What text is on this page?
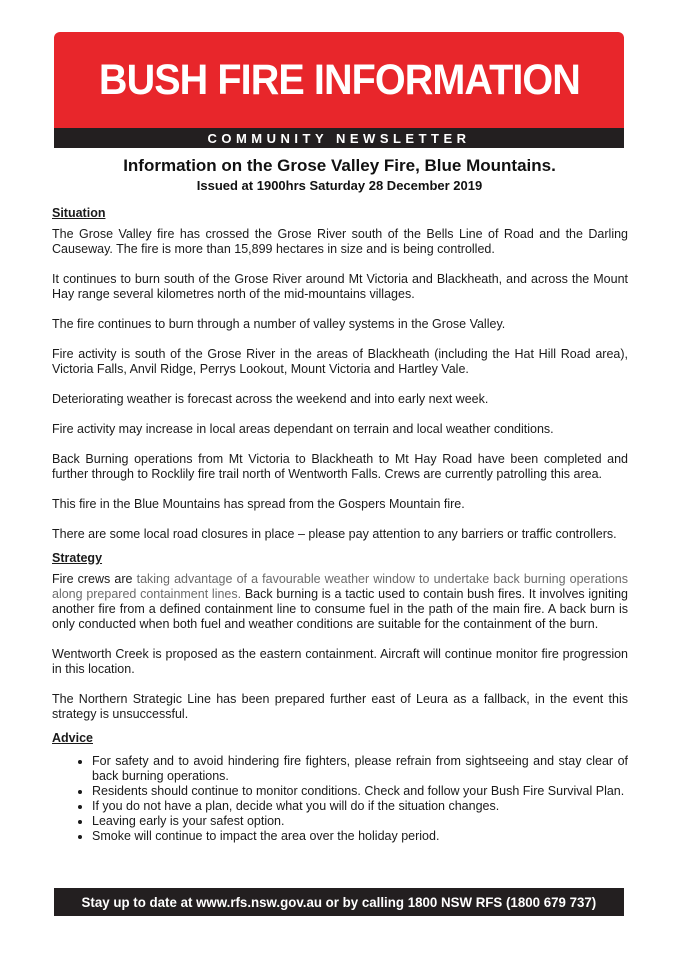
BUSH FIRE INFORMATION
COMMUNITY NEWSLETTER
Information on the Grose Valley Fire, Blue Mountains.
Issued at 1900hrs Saturday 28 December 2019
Situation

The Grose Valley fire has crossed the Grose River south of the Bells Line of Road and the Darling Causeway. The fire is more than 15,899 hectares in size and is being controlled.

It continues to burn south of the Grose River around Mt Victoria and Blackheath, and across the Mount Hay range several kilometres north of the mid-mountains villages.

The fire continues to burn through a number of valley systems in the Grose Valley.

Fire activity is south of the Grose River in the areas of Blackheath (including the Hat Hill Road area), Victoria Falls, Anvil Ridge, Perrys Lookout, Mount Victoria and Hartley Vale.

Deteriorating weather is forecast across the weekend and into early next week.

Fire activity may increase in local areas dependant on terrain and local weather conditions.

Back Burning operations from Mt Victoria to Blackheath to Mt Hay Road have been completed and further through to Rocklily fire trail north of Wentworth Falls. Crews are currently patrolling this area.

This fire in the Blue Mountains has spread from the Gospers Mountain fire.

There are some local road closures in place – please pay attention to any barriers or traffic controllers.

Strategy

Fire crews are taking advantage of a favourable weather window to undertake back burning operations along prepared containment lines. Back burning is a tactic used to contain bush fires. It involves igniting another fire from a defined containment line to consume fuel in the path of the main fire. A back burn is only conducted when both fuel and weather conditions are suitable for the containment of the burn.

Wentworth Creek is proposed as the eastern containment. Aircraft will continue monitor fire progression in this location.

The Northern Strategic Line has been prepared further east of Leura as a fallback, in the event this strategy is unsuccessful.

Advice
• For safety and to avoid hindering fire fighters, please refrain from sightseeing and stay clear of back burning operations.
• Residents should continue to monitor conditions. Check and follow your Bush Fire Survival Plan.
• If you do not have a plan, decide what you will do if the situation changes.
• Leaving early is your safest option.
• Smoke will continue to impact the area over the holiday period.
Stay up to date at www.rfs.nsw.gov.au or by calling 1800 NSW RFS (1800 679 737)
